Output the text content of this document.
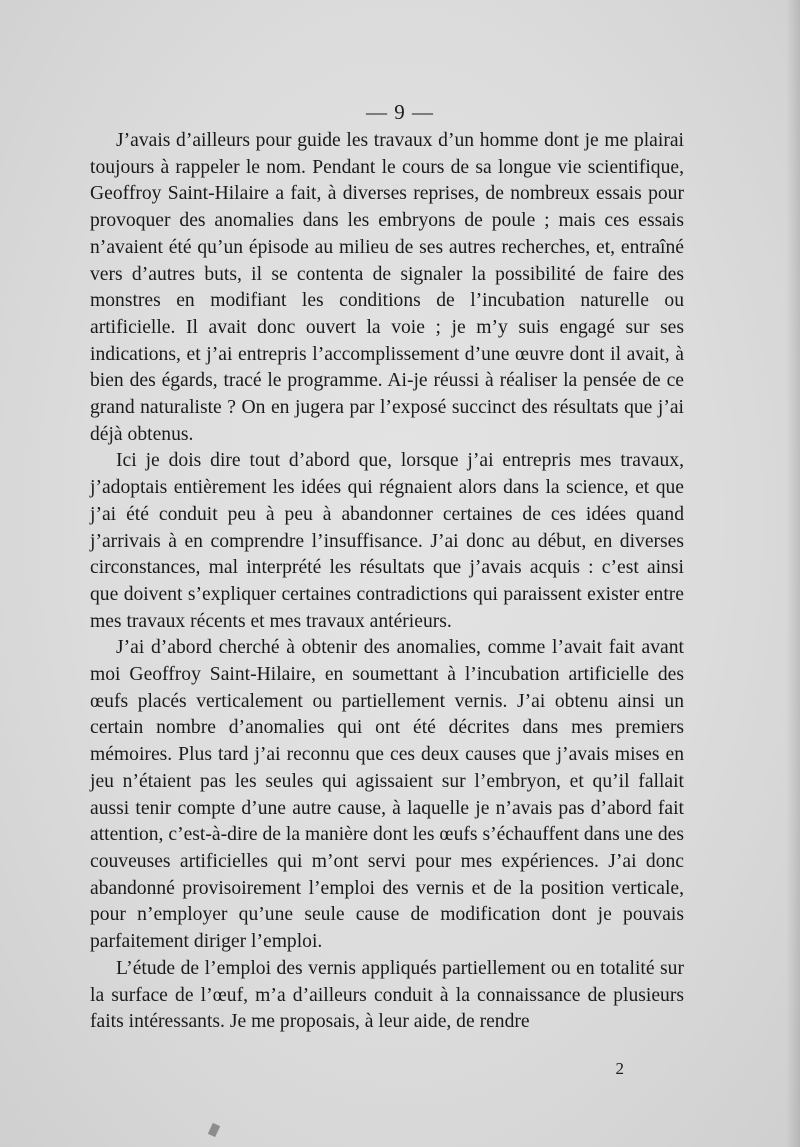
— 9 —

J’avais d’ailleurs pour guide les travaux d’un homme dont je me plairai toujours à rappeler le nom. Pendant le cours de sa longue vie scientifique, Geoffroy Saint-Hilaire a fait, à diverses reprises, de nombreux essais pour provoquer des anomalies dans les embryons de poule ; mais ces essais n’avaient été qu’un épisode au milieu de ses autres recherches, et, entraîné vers d’autres buts, il se contenta de signaler la possibilité de faire des monstres en modifiant les conditions de l’incubation naturelle ou artificielle. Il avait donc ouvert la voie ; je m’y suis engagé sur ses indications, et j’ai entrepris l’accomplissement d’une œuvre dont il avait, à bien des égards, tracé le programme. Ai-je réussi à réaliser la pensée de ce grand naturaliste ? On en jugera par l’exposé succinct des résultats que j’ai déjà obtenus.

Ici je dois dire tout d’abord que, lorsque j’ai entrepris mes travaux, j’adoptais entièrement les idées qui régnaient alors dans la science, et que j’ai été conduit peu à peu à abandonner certaines de ces idées quand j’arrivais à en comprendre l’insuffisance. J’ai donc au début, en diverses circonstances, mal interprété les résultats que j’avais acquis : c’est ainsi que doivent s’expliquer certaines contradictions qui paraissent exister entre mes travaux récents et mes travaux antérieurs.

J’ai d’abord cherché à obtenir des anomalies, comme l’avait fait avant moi Geoffroy Saint-Hilaire, en soumettant à l’incubation artificielle des œufs placés verticalement ou partiellement vernis. J’ai obtenu ainsi un certain nombre d’anomalies qui ont été décrites dans mes premiers mémoires. Plus tard j’ai reconnu que ces deux causes que j’avais mises en jeu n’étaient pas les seules qui agissaient sur l’embryon, et qu’il fallait aussi tenir compte d’une autre cause, à laquelle je n’avais pas d’abord fait attention, c’est-à-dire de la manière dont les œufs s’échauffent dans une des couveuses artificielles qui m’ont servi pour mes expériences. J’ai donc abandonné provisoirement l’emploi des vernis et de la position verticale, pour n’employer qu’une seule cause de modification dont je pouvais parfaitement diriger l’emploi.

L’étude de l’emploi des vernis appliqués partiellement ou en totalité sur la surface de l’œuf, m’a d’ailleurs conduit à la connaissance de plusieurs faits intéressants. Je me proposais, à leur aide, de rendre

2
